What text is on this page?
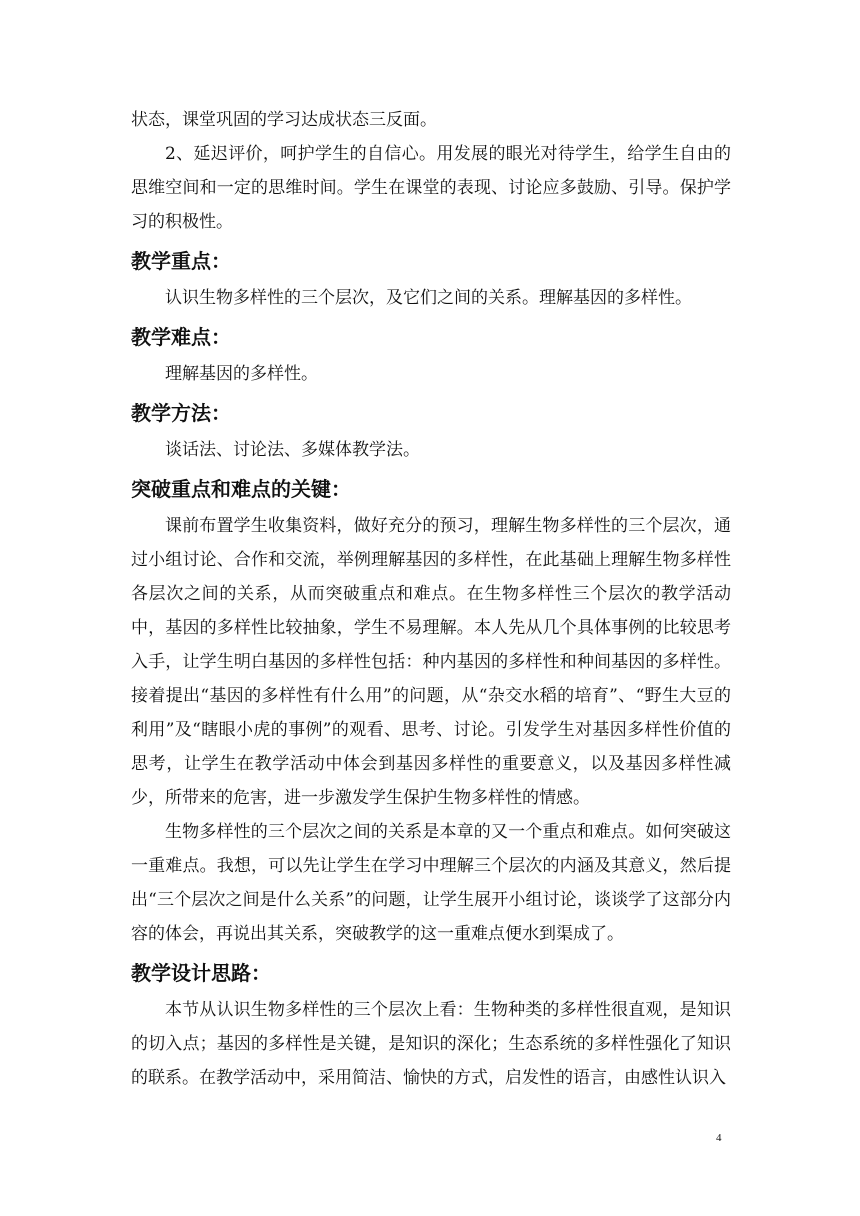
状态，课堂巩固的学习达成状态三反面。

2、延迟评价，呵护学生的自信心。用发展的眼光对待学生，给学生自由的思维空间和一定的思维时间。学生在课堂的表现、讨论应多鼓励、引导。保护学习的积极性。

教学重点：

认识生物多样性的三个层次，及它们之间的关系。理解基因的多样性。

教学难点：

理解基因的多样性。

教学方法：

谈话法、讨论法、多媒体教学法。

突破重点和难点的关键：

课前布置学生收集资料，做好充分的预习，理解生物多样性的三个层次，通过小组讨论、合作和交流，举例理解基因的多样性，在此基础上理解生物多样性各层次之间的关系，从而突破重点和难点。在生物多样性三个层次的教学活动中，基因的多样性比较抽象，学生不易理解。本人先从几个具体事例的比较思考入手，让学生明白基因的多样性包括：种内基因的多样性和种间基因的多样性。接着提出“基因的多样性有什么用”的问题，从“杂交水稻的培育”、“野生大豆的利用”及“瞎眼小虎的事例”的观看、思考、讨论。引发学生对基因多样性价值的思考，让学生在教学活动中体会到基因多样性的重要意义，以及基因多样性减少，所带来的危害，进一步激发学生保护生物多样性的情感。

生物多样性的三个层次之间的关系是本章的又一个重点和难点。如何突破这一重难点。我想，可以先让学生在学习中理解三个层次的内涵及其意义，然后提出“三个层次之间是什么关系”的问题，让学生展开小组讨论，谈谈学了这部分内容的体会，再说出其关系，突破教学的这一重难点便水到渠成了。

教学设计思路：

本节从认识生物多样性的三个层次上看：生物种类的多样性很直观，是知识的切入点；基因的多样性是关键，是知识的深化；生态系统的多样性强化了知识的联系。在教学活动中，采用简洁、愉快的方式，启发性的语言，由感性认识入

4
